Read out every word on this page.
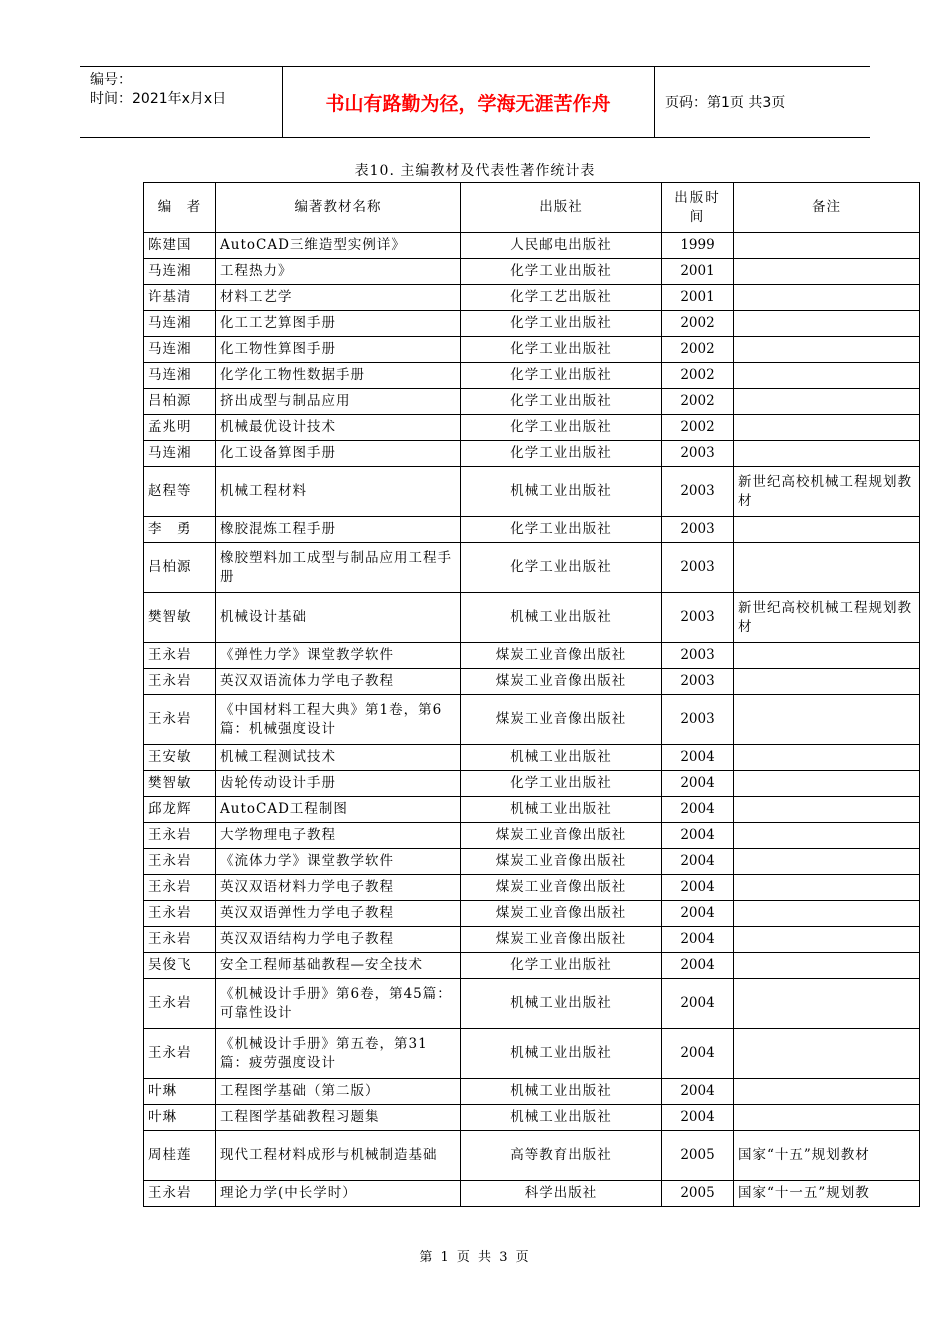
编号：
时间：2021年x月x日	书山有路勤为径，学海无涯苦作舟	页码：第1页 共3页
表10. 主编教材及代表性著作统计表
编　者	编著教材名称	出版社	出版时间	备注
陈建国	AutoCAD三维造型实例详》	人民邮电出版社	1999	
马连湘	工程热力》	化学工业出版社	2001	
许基清	材料工艺学	化学工艺出版社	2001	
马连湘	化工工艺算图手册	化学工业出版社	2002	
马连湘	化工物性算图手册	化学工业出版社	2002	
马连湘	化学化工物性数据手册	化学工业出版社	2002	
吕柏源	挤出成型与制品应用	化学工业出版社	2002	
孟兆明	机械最优设计技术	化学工业出版社	2002	
马连湘	化工设备算图手册	化学工业出版社	2003	
赵程等	机械工程材料	机械工业出版社	2003	新世纪高校机械工程规划教材
李　勇	橡胶混炼工程手册	化学工业出版社	2003	
吕柏源	橡胶塑料加工成型与制品应用工程手册	化学工业出版社	2003	
樊智敏	机械设计基础	机械工业出版社	2003	新世纪高校机械工程规划教材
王永岩	《弹性力学》课堂教学软件	煤炭工业音像出版社	2003	
王永岩	英汉双语流体力学电子教程	煤炭工业音像出版社	2003	
王永岩	《中国材料工程大典》第1卷，第6篇：机械强度设计	煤炭工业音像出版社	2003	
王安敏	机械工程测试技术	机械工业出版社	2004	
樊智敏	齿轮传动设计手册	化学工业出版社	2004	
邱龙辉	AutoCAD工程制图	机械工业出版社	2004	
王永岩	大学物理电子教程	煤炭工业音像出版社	2004	
王永岩	《流体力学》课堂教学软件	煤炭工业音像出版社	2004	
王永岩	英汉双语材料力学电子教程	煤炭工业音像出版社	2004	
王永岩	英汉双语弹性力学电子教程	煤炭工业音像出版社	2004	
王永岩	英汉双语结构力学电子教程	煤炭工业音像出版社	2004	
吴俊飞	安全工程师基础教程—安全技术	化学工业出版社	2004	
王永岩	《机械设计手册》第6卷，第45篇：可靠性设计	机械工业出版社	2004	
王永岩	《机械设计手册》第五卷，第31篇：疲劳强度设计	机械工业出版社	2004	
叶琳	工程图学基础（第二版）	机械工业出版社	2004	
叶琳	工程图学基础教程习题集	机械工业出版社	2004	
周桂莲	现代工程材料成形与机械制造基础	高等教育出版社	2005	国家“十五”规划教材
王永岩	理论力学(中长学时）	科学出版社	2005	国家“十一五”规划教
第 1 页 共 3 页
